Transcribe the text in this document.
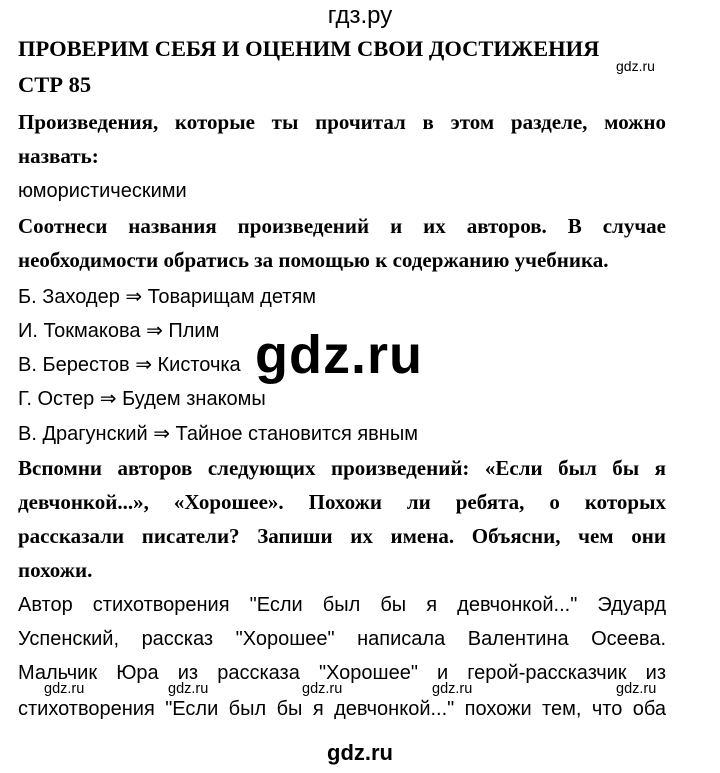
гдз.ру
ПРОВЕРИМ СЕБЯ И ОЦЕНИМ СВОИ ДОСТИЖЕНИЯ
gdz.ru
СТР 85
Произведения, которые ты прочитал в этом разделе, можно
назвать:
юмористическими
Соотнеси названия произведений и их авторов. В случае
необходимости обратись за помощью к содержанию учебника.
Б. Заходер ⇒ Товарищам детям
И. Токмакова ⇒ Плим
В. Берестов ⇒ Кисточка
Г. Остер ⇒ Будем знакомы
В. Драгунский ⇒ Тайное становится явным
gdz.ru
Вспомни авторов следующих произведений: «Если был бы я
девчонкой...», «Хорошее». Похожи ли ребята, о которых
рассказали писатели? Запиши их имена. Объясни, чем они
похожи.
Автор стихотворения "Если был бы я девчонкой..." Эдуард
Успенский, рассказ "Хорошее" написала Валентина Осеева.
Мальчик Юра из рассказа "Хорошее" и герой-рассказчик из
стихотворения "Если был бы я девчонкой..." похожи тем, что оба
gdz.ru	gdz.ru	gdz.ru	gdz.ru	gdz.ru
gdz.ru
